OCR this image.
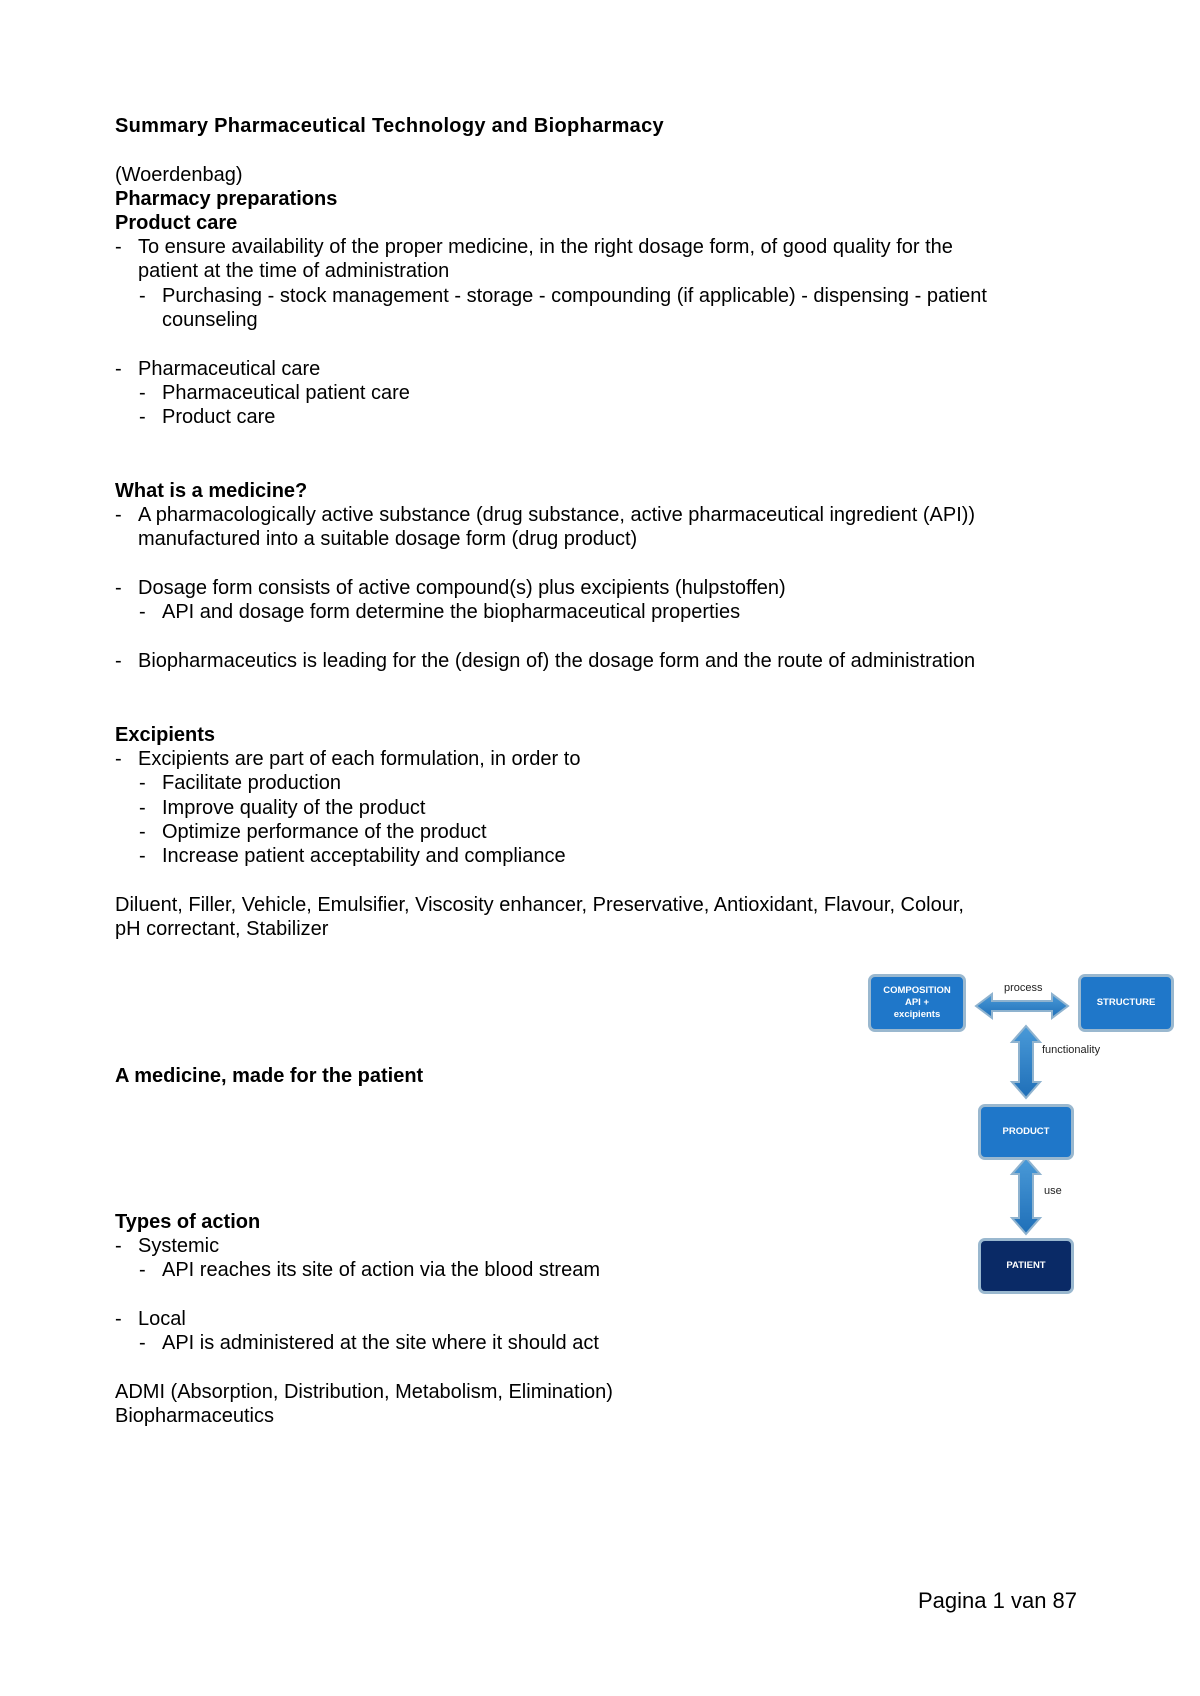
Summary Pharmaceutical Technology and Biopharmacy
(Woerdenbag)
Pharmacy preparations
Product care
- To ensure availability of the proper medicine, in the right dosage form, of good quality for the
patient at the time of administration
- Purchasing - stock management - storage - compounding (if applicable) - dispensing - patient
counseling
- Pharmaceutical care
- Pharmaceutical patient care
- Product care
What is a medicine?
- A pharmacologically active substance (drug substance, active pharmaceutical ingredient (API))
manufactured into a suitable dosage form (drug product)
- Dosage form consists of active compound(s) plus excipients (hulpstoffen)
- API and dosage form determine the biopharmaceutical properties
- Biopharmaceutics is leading for the (design of) the dosage form and the route of administration
Excipients
- Excipients are part of each formulation, in order to
- Facilitate production
- Improve quality of the product
- Optimize performance of the product
- Increase patient acceptability and compliance
Diluent, Filler, Vehicle, Emulsifier, Viscosity enhancer, Preservative, Antioxidant, Flavour, Colour,
pH correctant, Stabilizer
A medicine, made for the patient
COMPOSITION
API +
excipients
STRUCTURE
PRODUCT
PATIENT
process
functionality
use
Types of action
- Systemic
- API reaches its site of action via the blood stream
- Local
- API is administered at the site where it should act
ADMI (Absorption, Distribution, Metabolism, Elimination)
Biopharmaceutics
Pagina 1 van 87
